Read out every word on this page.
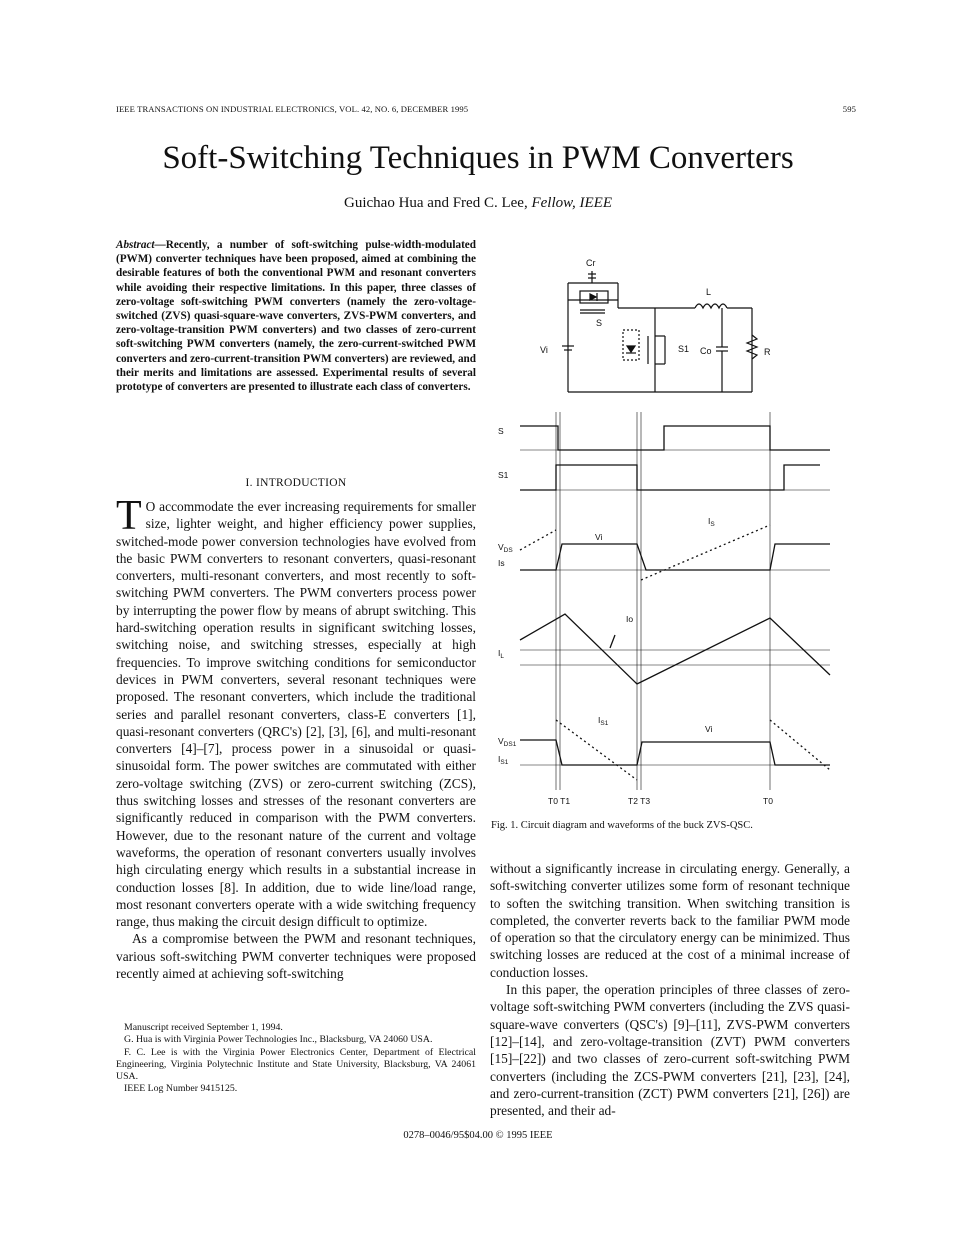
IEEE TRANSACTIONS ON INDUSTRIAL ELECTRONICS, VOL. 42, NO. 6, DECEMBER 1995	595
Soft-Switching Techniques in PWM Converters
Guichao Hua and Fred C. Lee, Fellow, IEEE
Abstract—Recently, a number of soft-switching pulse-width-modulated (PWM) converter techniques have been proposed, aimed at combining the desirable features of both the conventional PWM and resonant converters while avoiding their respective limitations. In this paper, three classes of zero-voltage soft-switching PWM converters (namely the zero-voltage-switched (ZVS) quasi-square-wave converters, ZVS-PWM converters, and zero-voltage-transition PWM converters) and two classes of zero-current soft-switching PWM converters (namely, the zero-current-switched PWM converters and zero-current-transition PWM converters) are reviewed, and their merits and limitations are assessed. Experimental results of several prototype of converters are presented to illustrate each class of converters.
I. INTRODUCTION

T O accommodate the ever increasing requirements for smaller size, lighter weight, and higher efficiency power supplies, switched-mode power conversion technologies have evolved from the basic PWM converters to resonant converters, quasi-resonant converters, multi-resonant converters, and most recently to soft-switching PWM converters. The PWM converters process power by interrupting the power flow by means of abrupt switching. This hard-switching operation results in significant switching losses, switching noise, and switching stresses, especially at high frequencies. To improve switching conditions for semiconductor devices in PWM converters, several resonant techniques were proposed. The resonant converters, which include the traditional series and parallel resonant converters, class-E converters [1], quasi-resonant converters (QRC's) [2], [3], [6], and multi-resonant converters [4]–[7], process power in a sinusoidal or quasi-sinusoidal form. The power switches are commutated with either zero-voltage switching (ZVS) or zero-current switching (ZCS), thus switching losses and stresses of the resonant converters are significantly reduced in comparison with the PWM converters. However, due to the resonant nature of the current and voltage waveforms, the operation of resonant converters usually involves high circulating energy which results in a substantial increase in conduction losses [8]. In addition, due to wide line/load range, most resonant converters operate with a wide switching frequency range, thus making the circuit design difficult to optimize.

As a compromise between the PWM and resonant techniques, various soft-switching PWM converter techniques were proposed recently aimed at achieving soft-switching

Manuscript received September 1, 1994.

G. Hua is with Virginia Power Technologies Inc., Blacksburg, VA 24060 USA.

F. C. Lee is with the Virginia Power Electronics Center, Department of Electrical Engineering, Virginia Polytechnic Institute and State University, Blacksburg, VA 24061 USA.

IEEE Log Number 9415125.

Cr
L
S
Vi	S1 Co	R
S
S1
$V_{DS}$
Is
Vi
$I_S$
Io
$I_L$
$V_{DS1}$
$I_{S1}$
$I_{S1}$
Vi
T0 T1	T2 T3	T0
Fig. 1. Circuit diagram and waveforms of the buck ZVS-QSC.

without a significantly increase in circulating energy. Generally, a soft-switching converter utilizes some form of resonant technique to soften the switching transition. When switching transition is completed, the converter reverts back to the familiar PWM mode of operation so that the circulatory energy can be minimized. Thus switching losses are reduced at the cost of a minimal increase of conduction losses.

In this paper, the operation principles of three classes of zero-voltage soft-switching PWM converters (including the ZVS quasi-square-wave converters (QSC's) [9]–[11], ZVS-PWM converters [12]–[14], and zero-voltage-transition (ZVT) PWM converters [15]–[22]) and two classes of zero-current soft-switching PWM converters (including the ZCS-PWM converters [21], [23], [24], and zero-current-transition (ZCT) PWM converters [21], [26]) are presented, and their ad-

0278–0046/95$04.00 © 1995 IEEE
